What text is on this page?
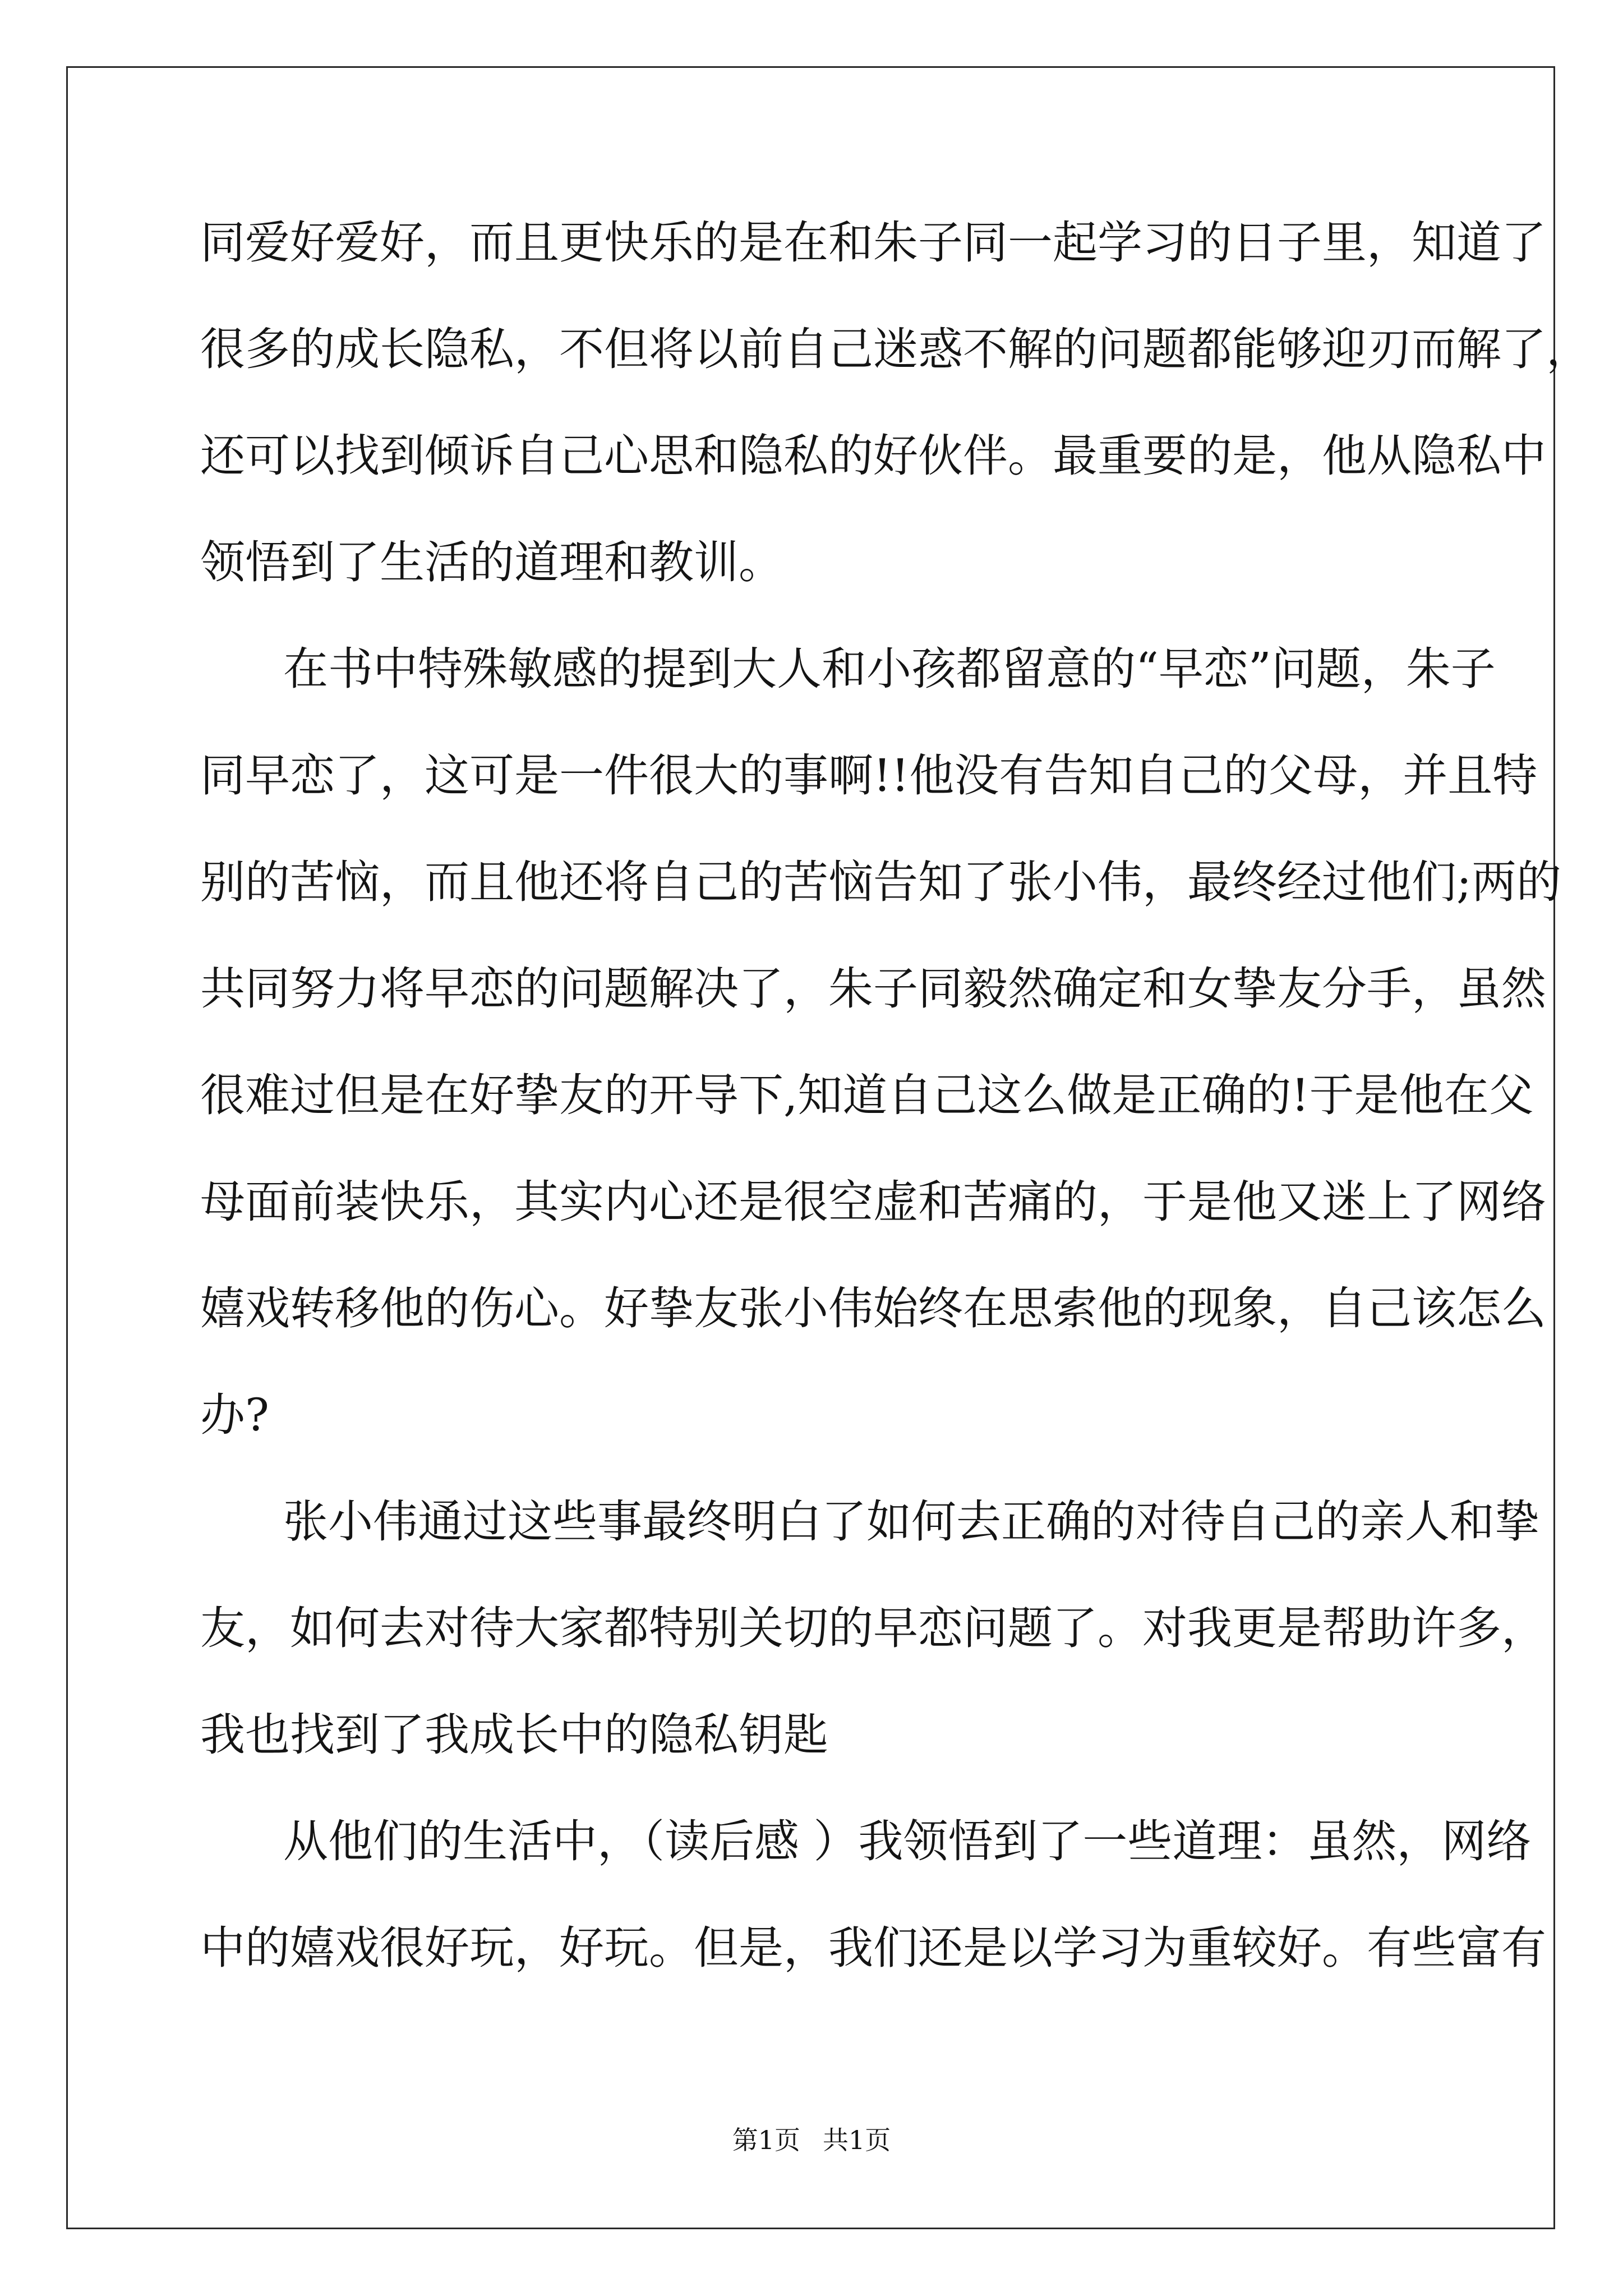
同爱好爱好，而且更快乐的是在和朱子同一起学习的日子里，知道了
很多的成长隐私，不但将以前自己迷惑不解的问题都能够迎刃而解了，
还可以找到倾诉自己心思和隐私的好伙伴。最重要的是，他从隐私中
领悟到了生活的道理和教训。
在书中特殊敏感的提到大人和小孩都留意的“早恋”问题，朱子
同早恋了，这可是一件很大的事啊!!他没有告知自己的父母，并且特
别的苦恼，而且他还将自己的苦恼告知了张小伟，最终经过他们;两的
共同努力将早恋的问题解决了，朱子同毅然确定和女挚友分手，虽然
很难过但是在好挚友的开导下,知道自己这么做是正确的!于是他在父
母面前装快乐，其实内心还是很空虚和苦痛的，于是他又迷上了网络
嬉戏转移他的伤心。好挚友张小伟始终在思索他的现象，自己该怎么
办?
张小伟通过这些事最终明白了如何去正确的对待自己的亲人和挚
友，如何去对待大家都特别关切的早恋问题了。对我更是帮助许多，
我也找到了我成长中的隐私钥匙
从他们的生活中，（读后感 ）我领悟到了一些道理：虽然，网络
中的嬉戏很好玩，好玩。但是，我们还是以学习为重较好。有些富有
第1页 共1页
